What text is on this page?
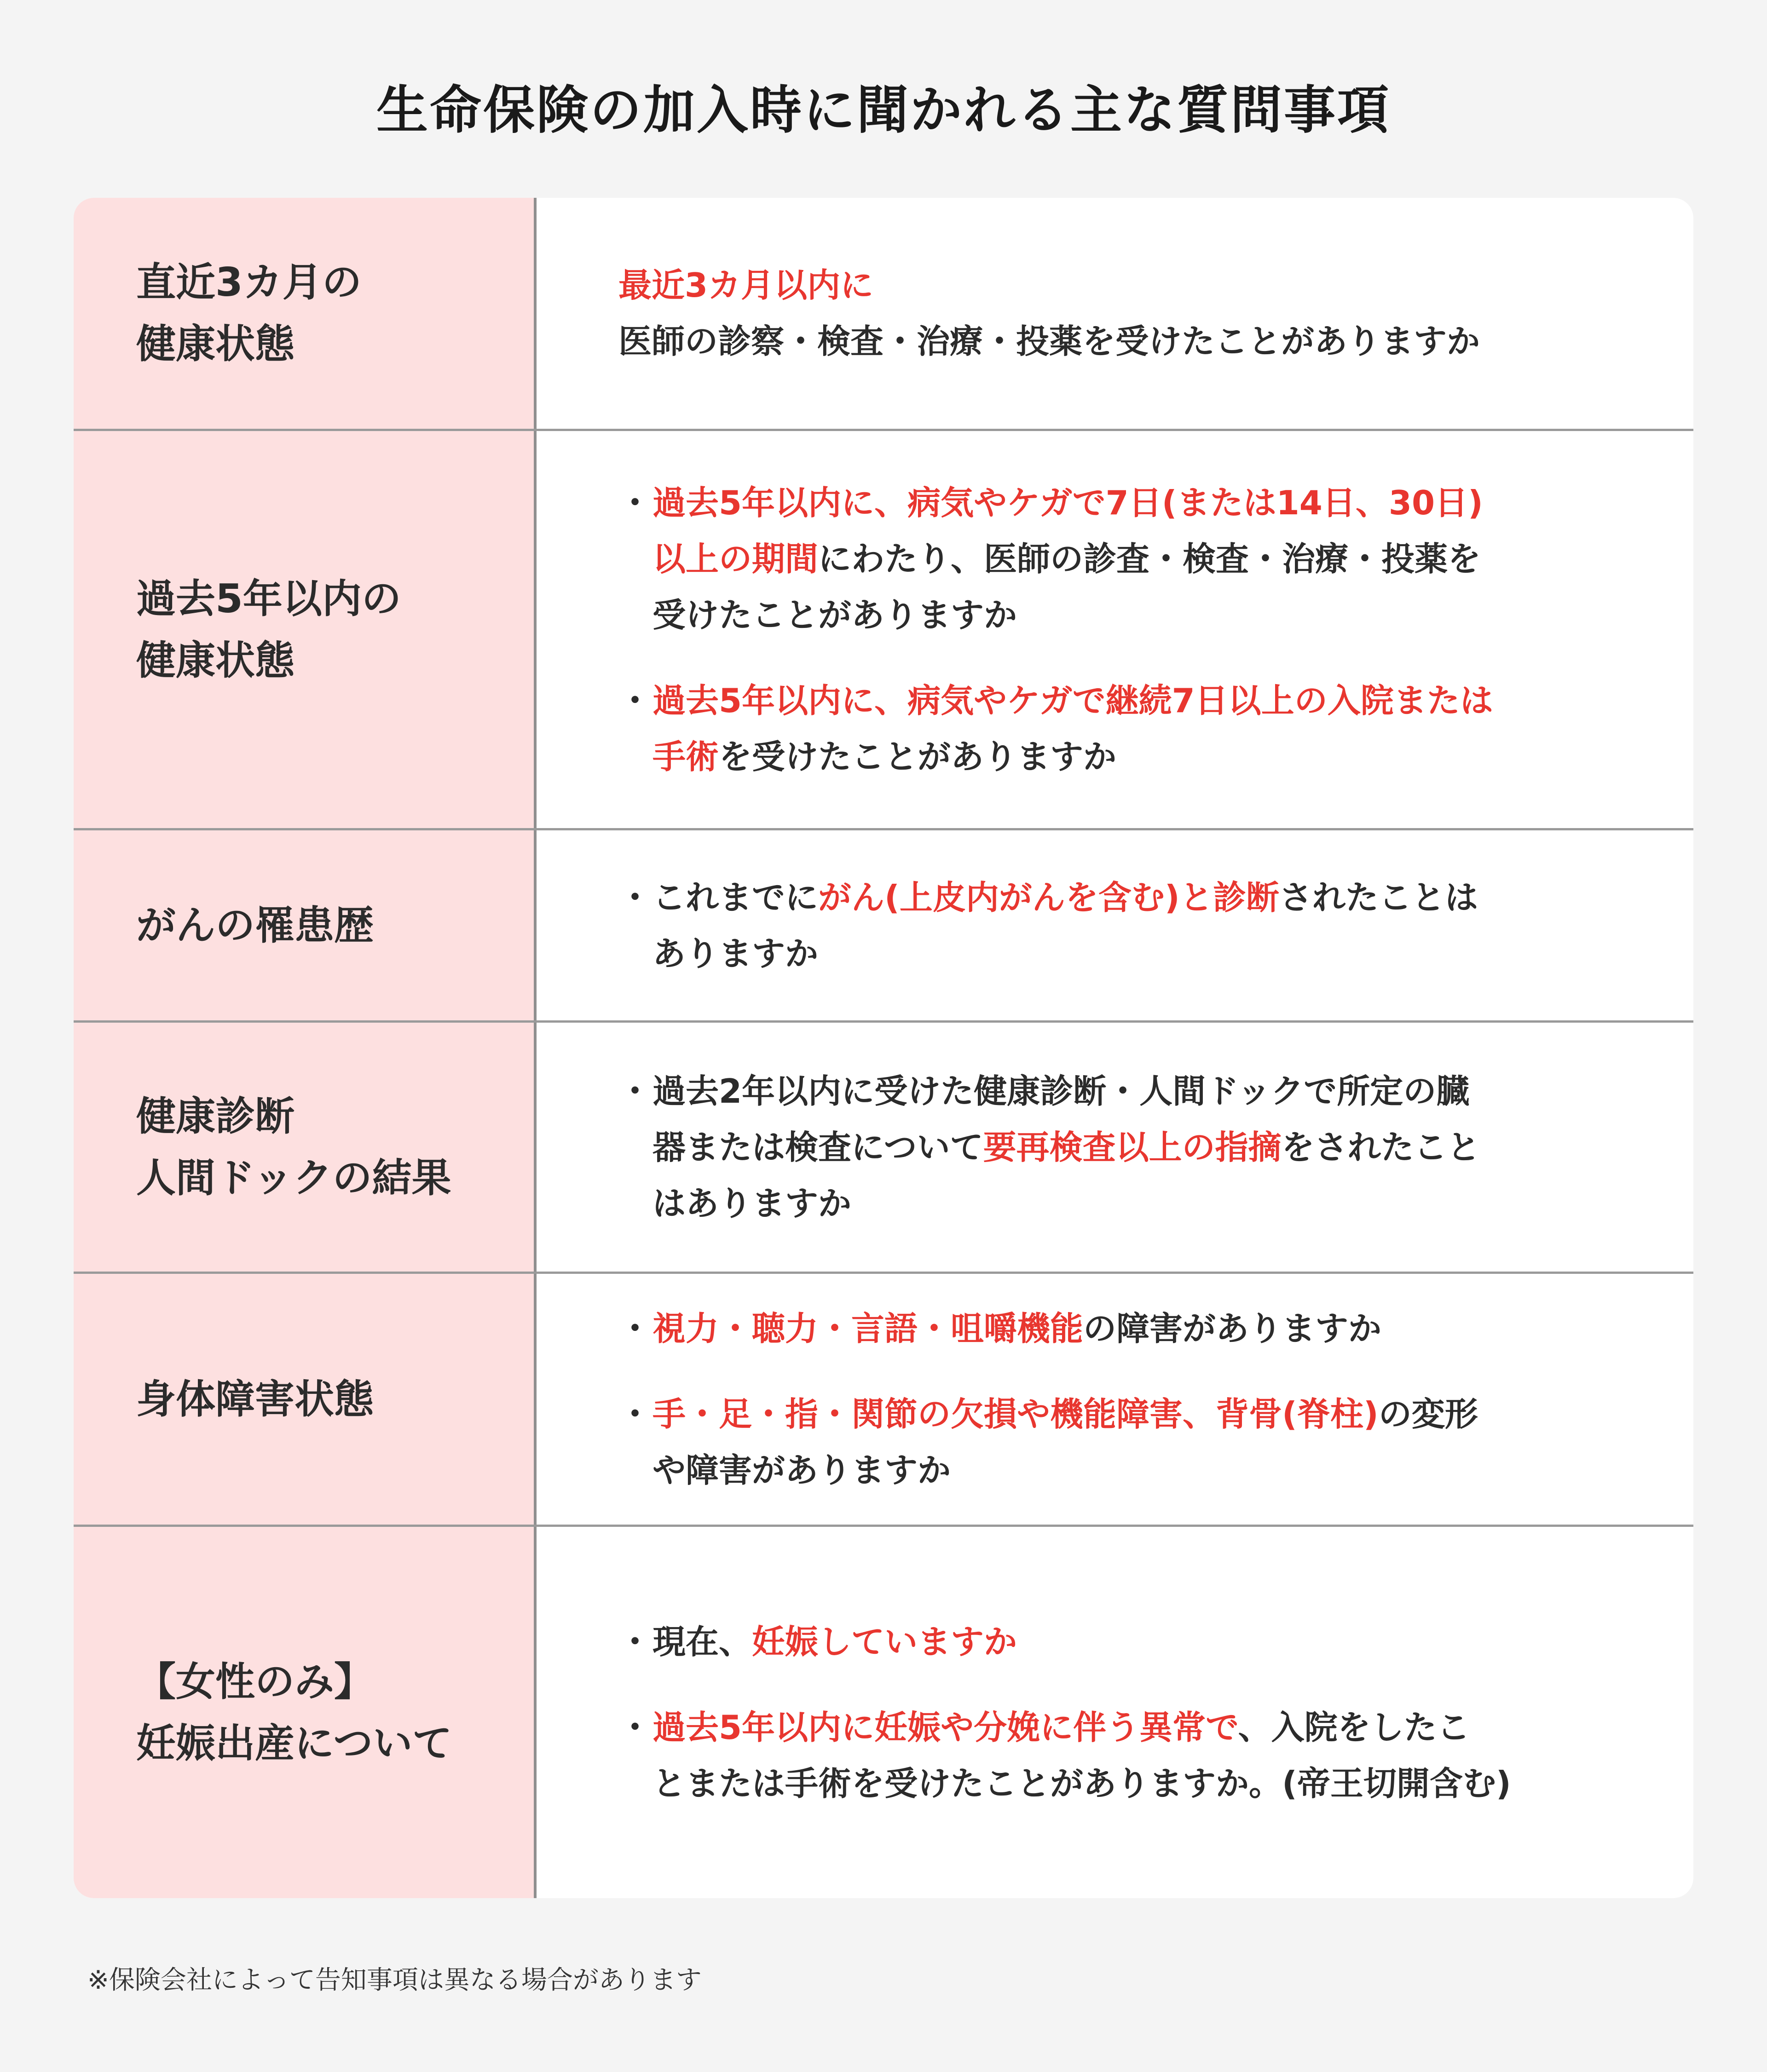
生命保険の加入時に聞かれる主な質問事項
直近3カ月の
健康状態
最近3カ月以内に
医師の診察・検査・治療・投薬を受けたことがありますか
過去5年以内の
健康状態
・ 過去5年以内に、病気やケガで7日(または14日、30日)
以上の期間にわたり、医師の診査・検査・治療・投薬を
受けたことがありますか
・ 過去5年以内に、病気やケガで継続7日以上の入院または
手術を受けたことがありますか
がんの罹患歴
・ これまでにがん(上皮内がんを含む)と診断されたことは
ありますか
健康診断
人間ドックの結果
・ 過去2年以内に受けた健康診断・人間ドックで所定の臓
器または検査について要再検査以上の指摘をされたこと
はありますか
身体障害状態
・ 視力・聴力・言語・咀嚼機能の障害がありますか
・ 手・足・指・関節の欠損や機能障害、背骨(脊柱)の変形
や障害がありますか
【女性のみ】
妊娠出産について
・ 現在、妊娠していますか
・ 過去5年以内に妊娠や分娩に伴う異常で、入院をしたこ
とまたは手術を受けたことがありますか。(帝王切開含む)
※保険会社によって告知事項は異なる場合があります
